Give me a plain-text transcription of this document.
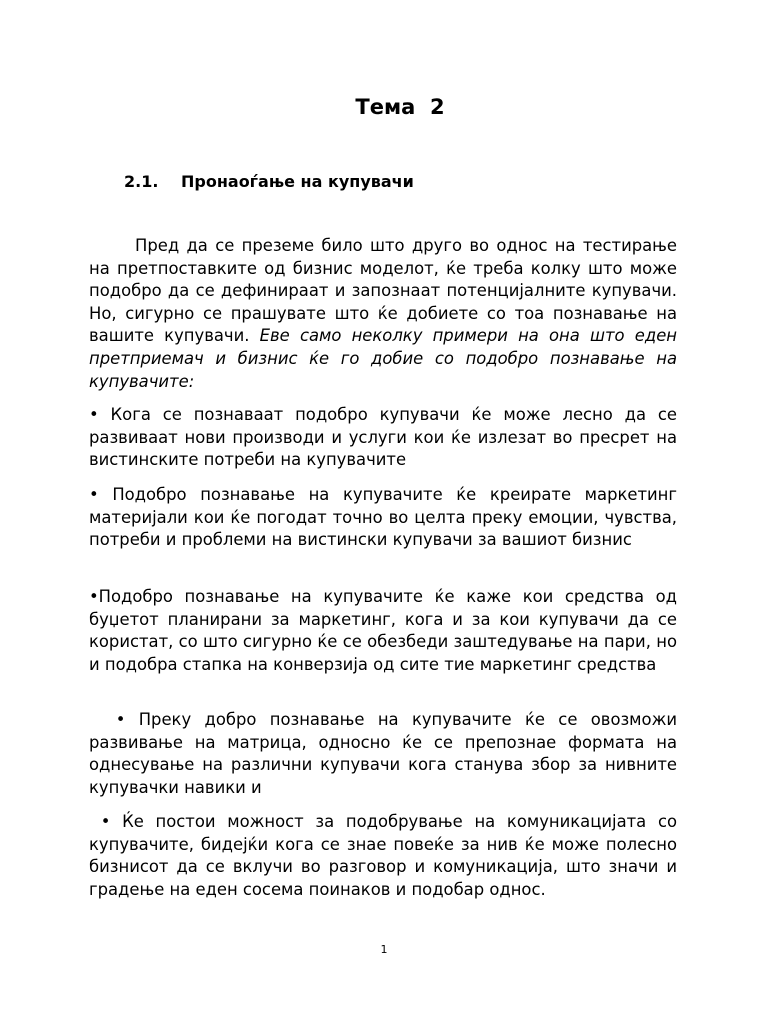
Тема  2
2.1. Пронаоѓање на купувачи
Пред да се преземе било што друго во однос на тестирање на претпоставките од бизнис моделот, ќе треба колку што може подобро да се дефинираат и запознаат потенцијалните купувачи. Но, сигурно се прашувате што ќе добиете со тоа познавање на вашите купувачи. Еве само неколку примери на она што еден претприемач и бизнис ќе го добие со подобро познавање на купувачите:
• Кога се познаваат подобро купувачи ќе може лесно да се развиваат нови производи и услуги кои ќе излезат во пресрет на вистинските потреби на купувачите
• Подобро познавање на купувачите ќе креирате маркетинг материјали кои ќе погодат точно во целта преку емоции, чувства, потреби и проблеми на вистински купувачи за вашиот бизнис
•Подобро познавање на купувачите ќе каже кои средства од буџетот планирани за маркетинг, кога и за кои купувачи да се користат, со што сигурно ќе се обезбеди заштедување на пари, но и подобра стапка на конверзија од сите тие маркетинг средства
• Преку добро познавање на купувачите ќе се овозможи развивање на матрица, односно ќе се препознае формата на однесување на различни купувачи кога станува збор за нивните купувачки навики и
• Ќе постои можност за подобрување на комуникацијата со купувачите, бидејќи кога се знае повеќе за нив ќе може полесно бизнисот да се вклучи во разговор и комуникација, што значи и градење на еден сосема поинаков и подобар однос.
1
